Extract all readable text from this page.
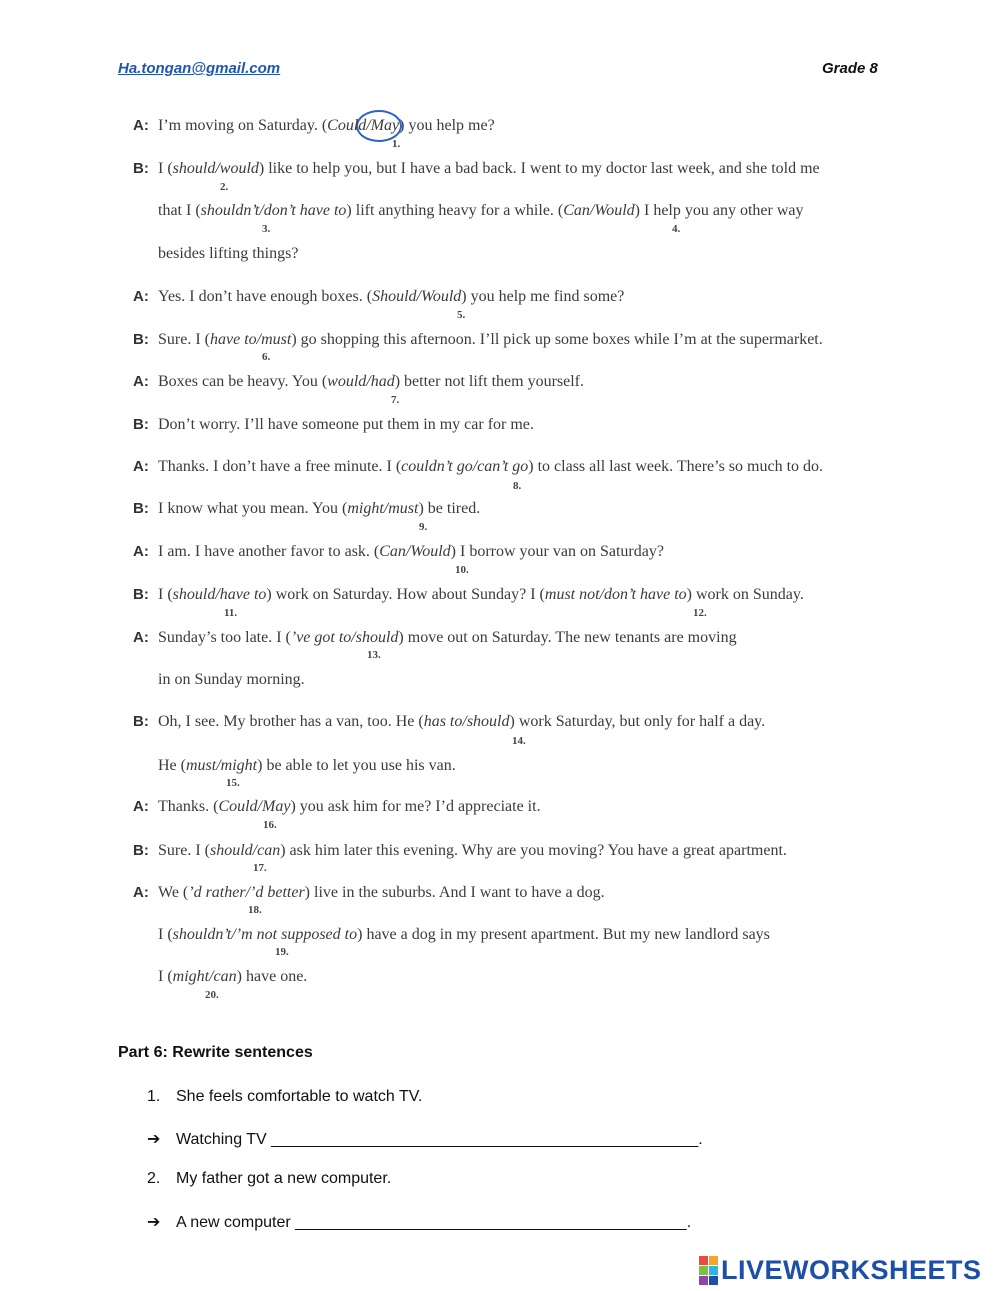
Ha.tongan@gmail.com	Grade 8
A: I’m moving on Saturday. (Could/May) you help me?
B: I (should/would) like to help you, but I have a bad back. I went to my doctor last week, and she told me
that I (shouldn’t/don’t have to) lift anything heavy for a while. (Can/Would) I help you any other way
besides lifting things?
A: Yes. I don’t have enough boxes. (Should/Would) you help me find some?
B: Sure. I (have to/must) go shopping this afternoon. I’ll pick up some boxes while I’m at the supermarket.
A: Boxes can be heavy. You (would/had) better not lift them yourself.
B: Don’t worry. I’ll have someone put them in my car for me.
A: Thanks. I don’t have a free minute. I (couldn’t go/can’t go) to class all last week. There’s so much to do.
B: I know what you mean. You (might/must) be tired.
A: I am. I have another favor to ask. (Can/Would) I borrow your van on Saturday?
B: I (should/have to) work on Saturday. How about Sunday? I (must not/don’t have to) work on Sunday.
A: Sunday’s too late. I (’ve got to/should) move out on Saturday. The new tenants are moving
in on Sunday morning.
B: Oh, I see. My brother has a van, too. He (has to/should) work Saturday, but only for half a day.
He (must/might) be able to let you use his van.
A: Thanks. (Could/May) you ask him for me? I’d appreciate it.
B: Sure. I (should/can) ask him later this evening. Why are you moving? You have a great apartment.
A: We (’d rather/’d better) live in the suburbs. And I want to have a dog.
I (shouldn’t/’m not supposed to) have a dog in my present apartment. But my new landlord says
I (might/can) have one.
1.
2.
3.	4.
5.
6.
7.
8.
9.
10.
11.	12.
13.
14.
15.
16.
17.
18.
19.
20.
Part 6: Rewrite sentences
1. She feels comfortable to watch TV.
➔ Watching TV ________________________________________________.
2. My father got a new computer.
➔ A new computer ____________________________________________.
LIVEWORKSHEETS
